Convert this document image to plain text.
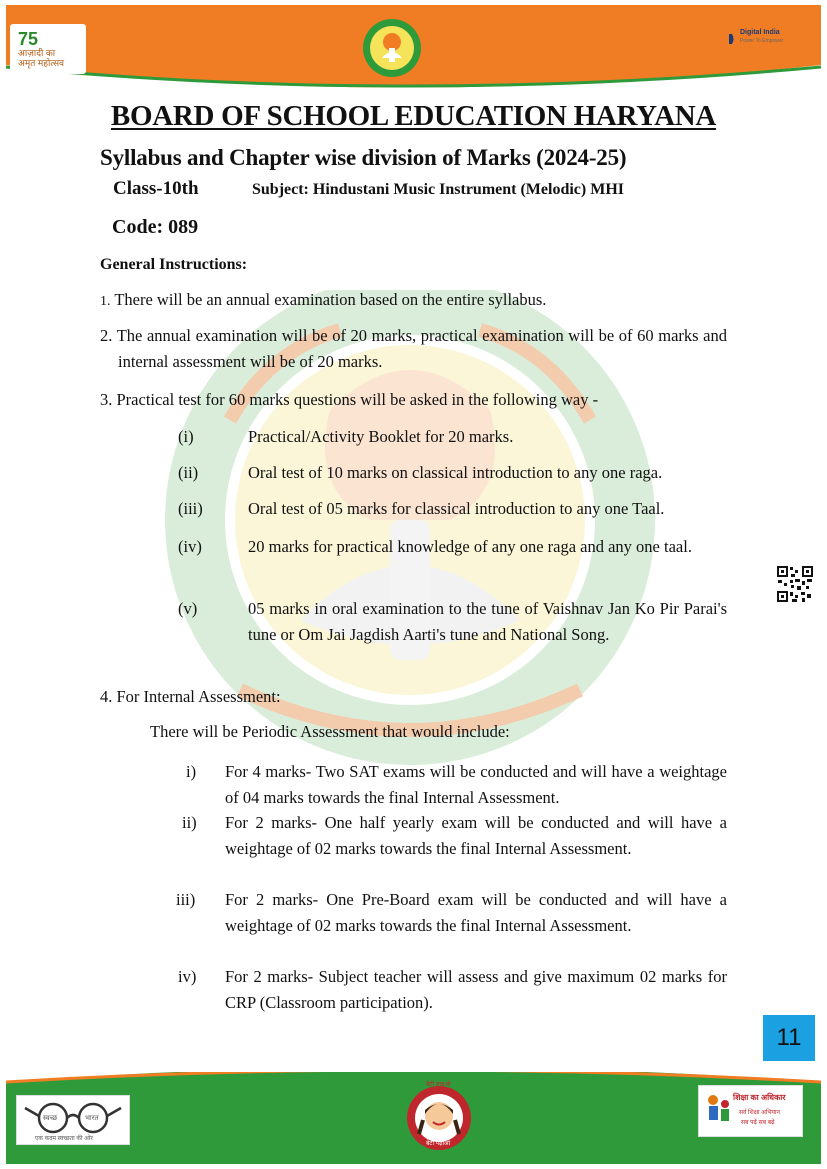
75
आज़ादी का
अमृत महोत्सव
Digital India
Power To Empower
BOARD OF SCHOOL EDUCATION HARYANA
Syllabus and Chapter wise division of Marks (2024-25)
Class-10th	Subject: Hindustani Music Instrument (Melodic) MHI
Code: 089
General Instructions:
1. There will be an annual examination based on the entire syllabus.
2. The annual examination will be of 20 marks, practical examination will be of 60 marks and internal assessment will be of 20 marks.
3. Practical test for 60 marks questions will be asked in the following way -
(i)	Practical/Activity Booklet for 20 marks.
(ii)	Oral test of 10 marks on classical introduction to any one raga.
(iii)	Oral test of 05 marks for classical introduction to any one Taal.
(iv)	20 marks for practical knowledge of any one raga and any one taal.
(v)	05 marks in oral examination to the tune of Vaishnav Jan Ko Pir Parai's tune or Om Jai Jagdish Aarti's tune and National Song.
4. For Internal Assessment:
There will be Periodic Assessment that would include:
i) For 4 marks- Two SAT exams will be conducted and will have a weightage of 04 marks towards the final Internal Assessment.
ii) For 2 marks- One half yearly exam will be conducted and will have a weightage of 02 marks towards the final Internal Assessment.
iii) For 2 marks- One Pre-Board exam will be conducted and will have a weightage of 02 marks towards the final Internal Assessment.
iv) For 2 marks- Subject teacher will assess and give maximum 02 marks for CRP (Classroom participation).
11
स्वच्छ	भारत
एक कदम स्वच्छता की ओर
बेटी बचाओ
बेटी पढ़ाओ
शिक्षा का अधिकार
सर्व शिक्षा अभियान
सब पढ़ें सब बढ़ें
